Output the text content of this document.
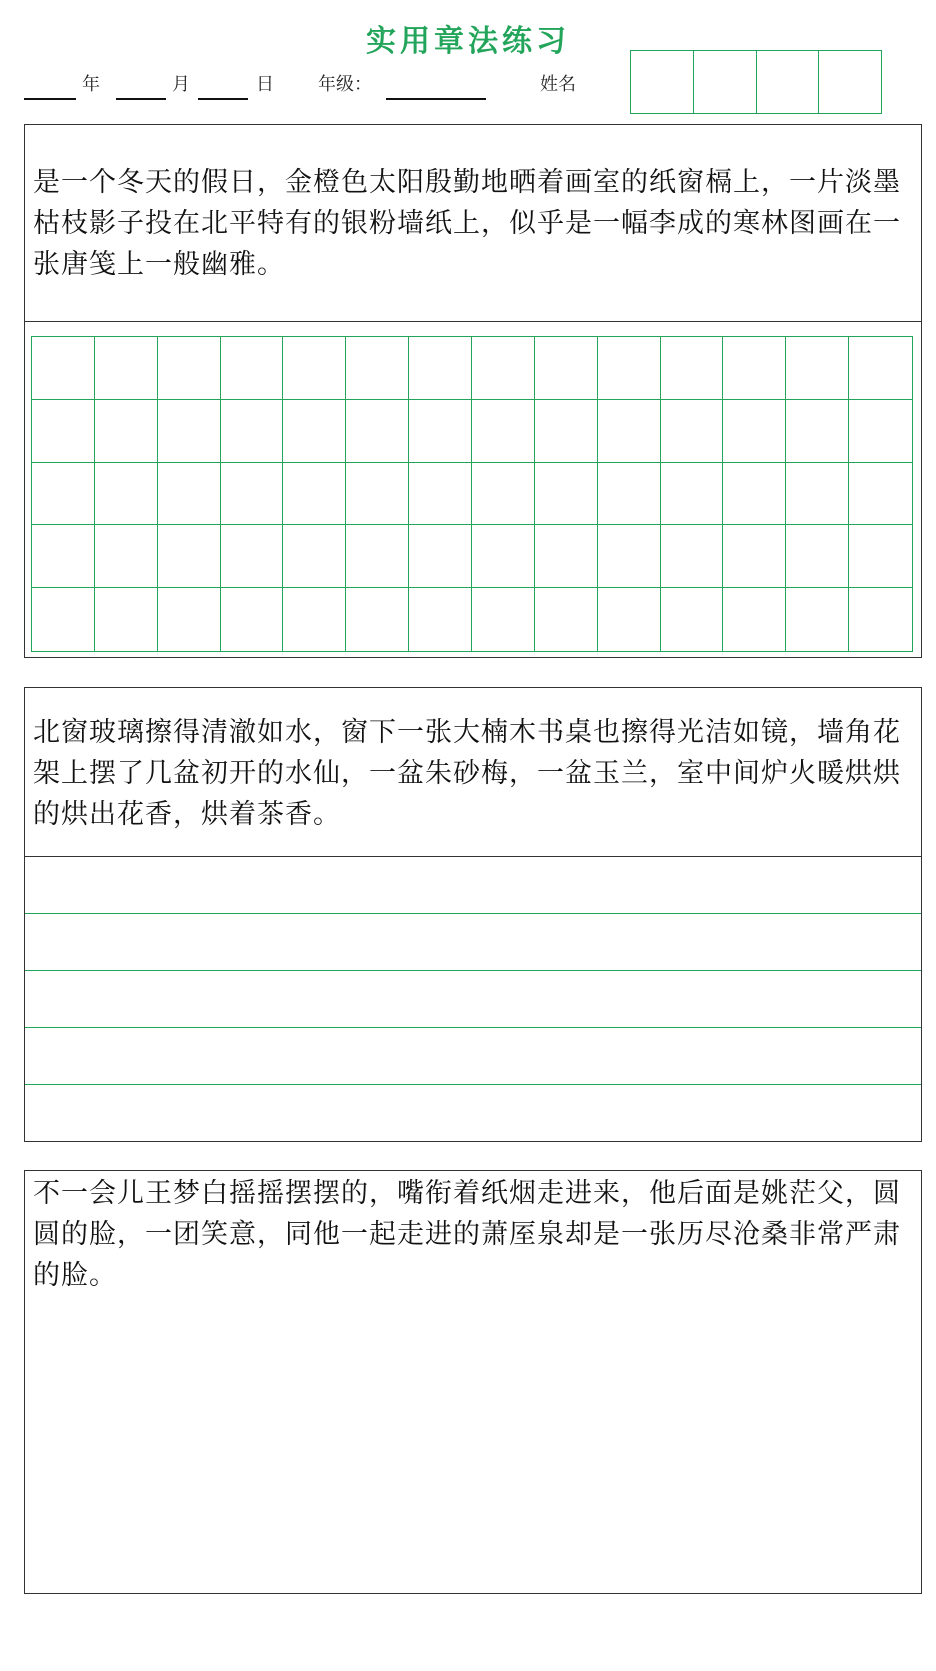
实用章法练习
年	月	日 年级：	姓名
是一个冬天的假日，金橙色太阳殷勤地晒着画室的纸窗槅上，一片淡墨枯枝影子投在北平特有的银粉墙纸上，似乎是一幅李成的寒林图画在一张唐笺上一般幽雅。
北窗玻璃擦得清澈如水，窗下一张大楠木书桌也擦得光洁如镜，墙角花架上摆了几盆初开的水仙，一盆朱砂梅，一盆玉兰，室中间炉火暖烘烘的烘出花香，烘着茶香。
不一会儿王梦白摇摇摆摆的，嘴衔着纸烟走进来，他后面是姚茫父，圆圆的脸，一团笑意，同他一起走进的萧厔泉却是一张历尽沧桑非常严肃的脸。
